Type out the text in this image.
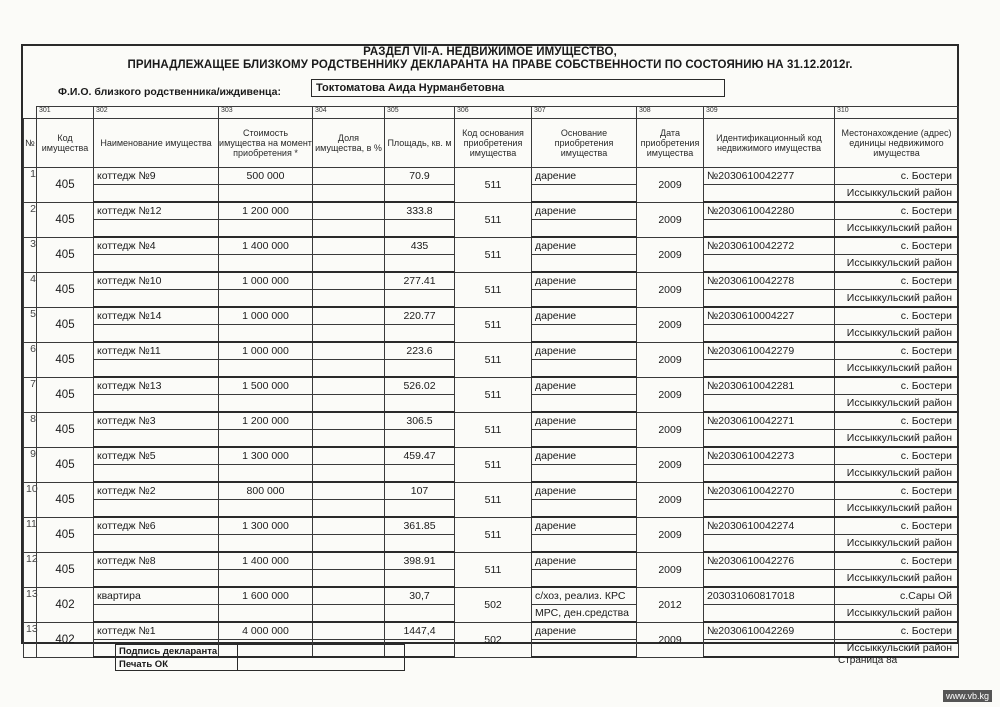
РАЗДЕЛ VII-А. НЕДВИЖИМОЕ ИМУЩЕСТВО,
ПРИНАДЛЕЖАЩЕЕ БЛИЗКОМУ РОДСТВЕННИКУ ДЕКЛАРАНТА НА ПРАВЕ СОБСТВЕННОСТИ ПО СОСТОЯНИЮ НА 31.12.2012г.
Ф.И.О. близкого родственника/иждивенца:	Токтоматова Аида Нурманбетовна
	301	302	303	304	305	306	307	308	309	310
№	Код имущества	Наименование имущества	Стоимость имущества на момент приобретения *	Доля имущества, в %	Площадь, кв. м	Код основания приобретения имущества	Основание приобретения имущества	Дата приобретения имущества	Идентификационный код недвижимого имущества	Местонахождение (адрес) единицы недвижимого имущества
1	405	коттедж №9	500 000		70.9	511	дарение	2009	№2030610042277	с. Бостери
										Иссыккульский район
2	405	коттедж №12	1 200 000		333.8	511	дарение	2009	№2030610042280	с. Бостери
										Иссыккульский район
3	405	коттедж №4	1 400 000		435	511	дарение	2009	№2030610042272	с. Бостери
										Иссыккульский район
4	405	коттедж №10	1 000 000		277.41	511	дарение	2009	№2030610042278	с. Бостери
										Иссыккульский район
5	405	коттедж №14	1 000 000		220.77	511	дарение	2009	№2030610004227	с. Бостери
										Иссыккульский район
6	405	коттедж №11	1 000 000		223.6	511	дарение	2009	№2030610042279	с. Бостери
										Иссыккульский район
7	405	коттедж №13	1 500 000		526.02	511	дарение	2009	№2030610042281	с. Бостери
										Иссыккульский район
8	405	коттедж №3	1 200 000		306.5	511	дарение	2009	№2030610042271	с. Бостери
										Иссыккульский район
9	405	коттедж №5	1 300 000		459.47	511	дарение	2009	№2030610042273	с. Бостери
										Иссыккульский район
10	405	коттедж №2	800 000		107	511	дарение	2009	№2030610042270	с. Бостери
										Иссыккульский район
11	405	коттедж №6	1 300 000		361.85	511	дарение	2009	№2030610042274	с. Бостери
										Иссыккульский район
12	405	коттедж №8	1 400 000		398.91	511	дарение	2009	№2030610042276	с. Бостери
										Иссыккульский район
13	402	квартира	1 600 000		30,7	502	с/хоз, реализ. КРС	2012	203031060817018	с.Сары Ой
							МРС, ден.средства			Иссыккульский район
13	402	коттедж №1	4 000 000		1447,4	502	дарение	2009	№2030610042269	с. Бостери
										Иссыккульский район
Подпись декларанта	
Печать ОК		Страница 8а
www.vb.kg
